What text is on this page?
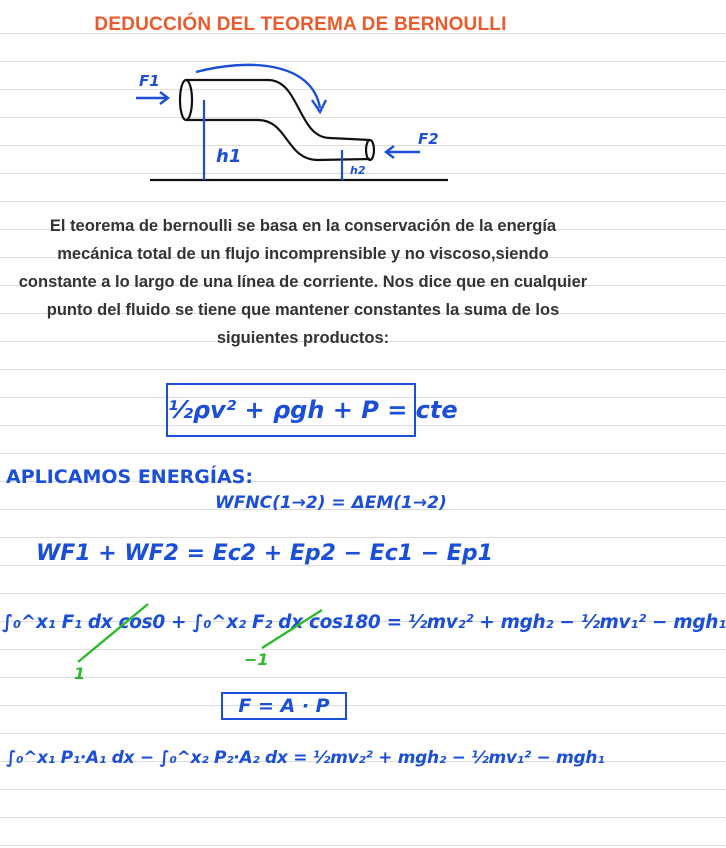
DEDUCCIÓN DEL TEOREMA DE BERNOULLI
F1
F2
h1
h2
El teorema de bernoulli se basa en la conservación de la energía mecánica total de un flujo incomprensible y no viscoso,siendo constante a lo largo de una línea de corriente. Nos dice que en cualquier punto del fluido se tiene que mantener constantes la suma de los siguientes productos:
½ρv² + ρgh + P = cte
APLICAMOS ENERGÍAS:
WFNC(1→2) = ΔEM(1→2)
WF1 + WF2 = Ec2 + Ep2 − Ec1 − Ep1
∫₀^x₁ F₁ dx cos0 + ∫₀^x₂ F₂ dx cos180 = ½mv₂² + mgh₂ − ½mv₁² − mgh₁
1
−1
F = A · P
∫₀^x₁ P₁·A₁ dx − ∫₀^x₂ P₂·A₂ dx = ½mv₂² + mgh₂ − ½mv₁² − mgh₁
